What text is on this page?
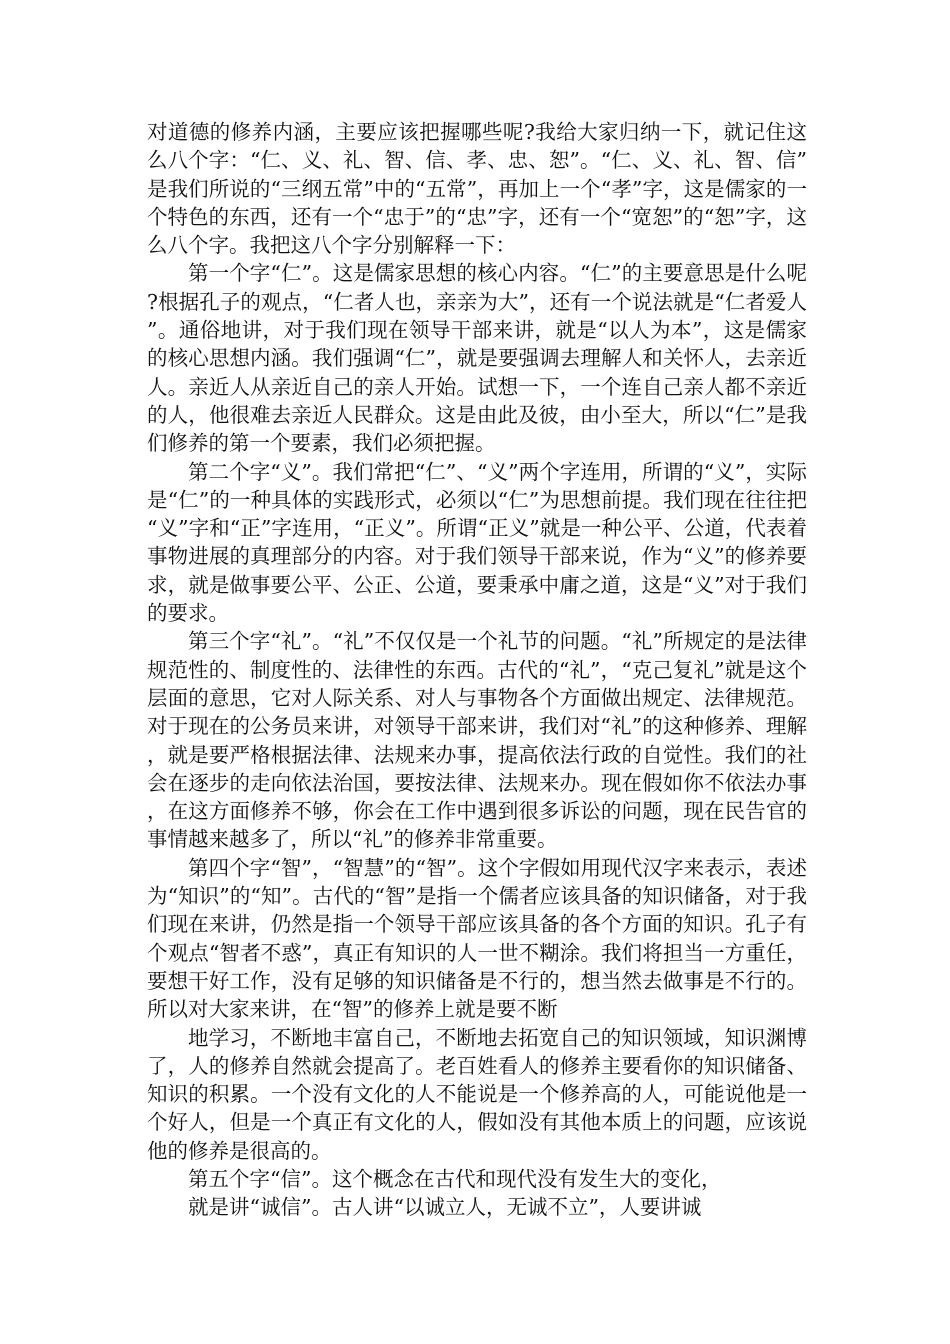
对道德的修养内涵，主要应该把握哪些呢?我给大家归纳一下，就记住这么八个字：“仁、义、礼、智、信、孝、忠、恕”。“仁、义、礼、智、信”是我们所说的“三纲五常”中的“五常”，再加上一个“孝”字，这是儒家的一个特色的东西，还有一个“忠于”的“忠”字，还有一个“宽恕”的“恕”字，这么八个字。我把这八个字分别解释一下：

第一个字“仁”。这是儒家思想的核心内容。“仁”的主要意思是什么呢?根据孔子的观点，“仁者人也，亲亲为大”，还有一个说法就是“仁者爱人”。通俗地讲，对于我们现在领导干部来讲，就是“以人为本”，这是儒家的核心思想内涵。我们强调“仁”，就是要强调去理解人和关怀人，去亲近人。亲近人从亲近自己的亲人开始。试想一下，一个连自己亲人都不亲近的人，他很难去亲近人民群众。这是由此及彼，由小至大，所以“仁”是我们修养的第一个要素，我们必须把握。

第二个字“义”。我们常把“仁”、“义”两个字连用，所谓的“义”，实际是“仁”的一种具体的实践形式，必须以“仁”为思想前提。我们现在往往把“义”字和“正”字连用，“正义”。所谓“正义”就是一种公平、公道，代表着事物进展的真理部分的内容。对于我们领导干部来说，作为“义”的修养要求，就是做事要公平、公正、公道，要秉承中庸之道，这是“义”对于我们的要求。

第三个字“礼”。“礼”不仅仅是一个礼节的问题。“礼”所规定的是法律规范性的、制度性的、法律性的东西。古代的“礼”，“克己复礼”就是这个层面的意思，它对人际关系、对人与事物各个方面做出规定、法律规范。对于现在的公务员来讲，对领导干部来讲，我们对“礼”的这种修养、理解，就是要严格根据法律、法规来办事，提高依法行政的自觉性。我们的社会在逐步的走向依法治国，要按法律、法规来办。现在假如你不依法办事，在这方面修养不够，你会在工作中遇到很多诉讼的问题，现在民告官的事情越来越多了，所以“礼”的修养非常重要。

第四个字“智”，“智慧”的“智”。这个字假如用现代汉字来表示，表述为“知识”的“知”。古代的“智”是指一个儒者应该具备的知识储备，对于我们现在来讲，仍然是指一个领导干部应该具备的各个方面的知识。孔子有个观点“智者不惑”，真正有知识的人一世不糊涂。我们将担当一方重任，要想干好工作，没有足够的知识储备是不行的，想当然去做事是不行的。所以对大家来讲，在“智”的修养上就是要不断

地学习，不断地丰富自己，不断地去拓宽自己的知识领域，知识渊博了，人的修养自然就会提高了。老百姓看人的修养主要看你的知识储备、知识的积累。一个没有文化的人不能说是一个修养高的人，可能说他是一个好人，但是一个真正有文化的人，假如没有其他本质上的问题，应该说他的修养是很高的。

第五个字“信”。这个概念在古代和现代没有发生大的变化，

就是讲“诚信”。古人讲“以诚立人，无诚不立”，人要讲诚
